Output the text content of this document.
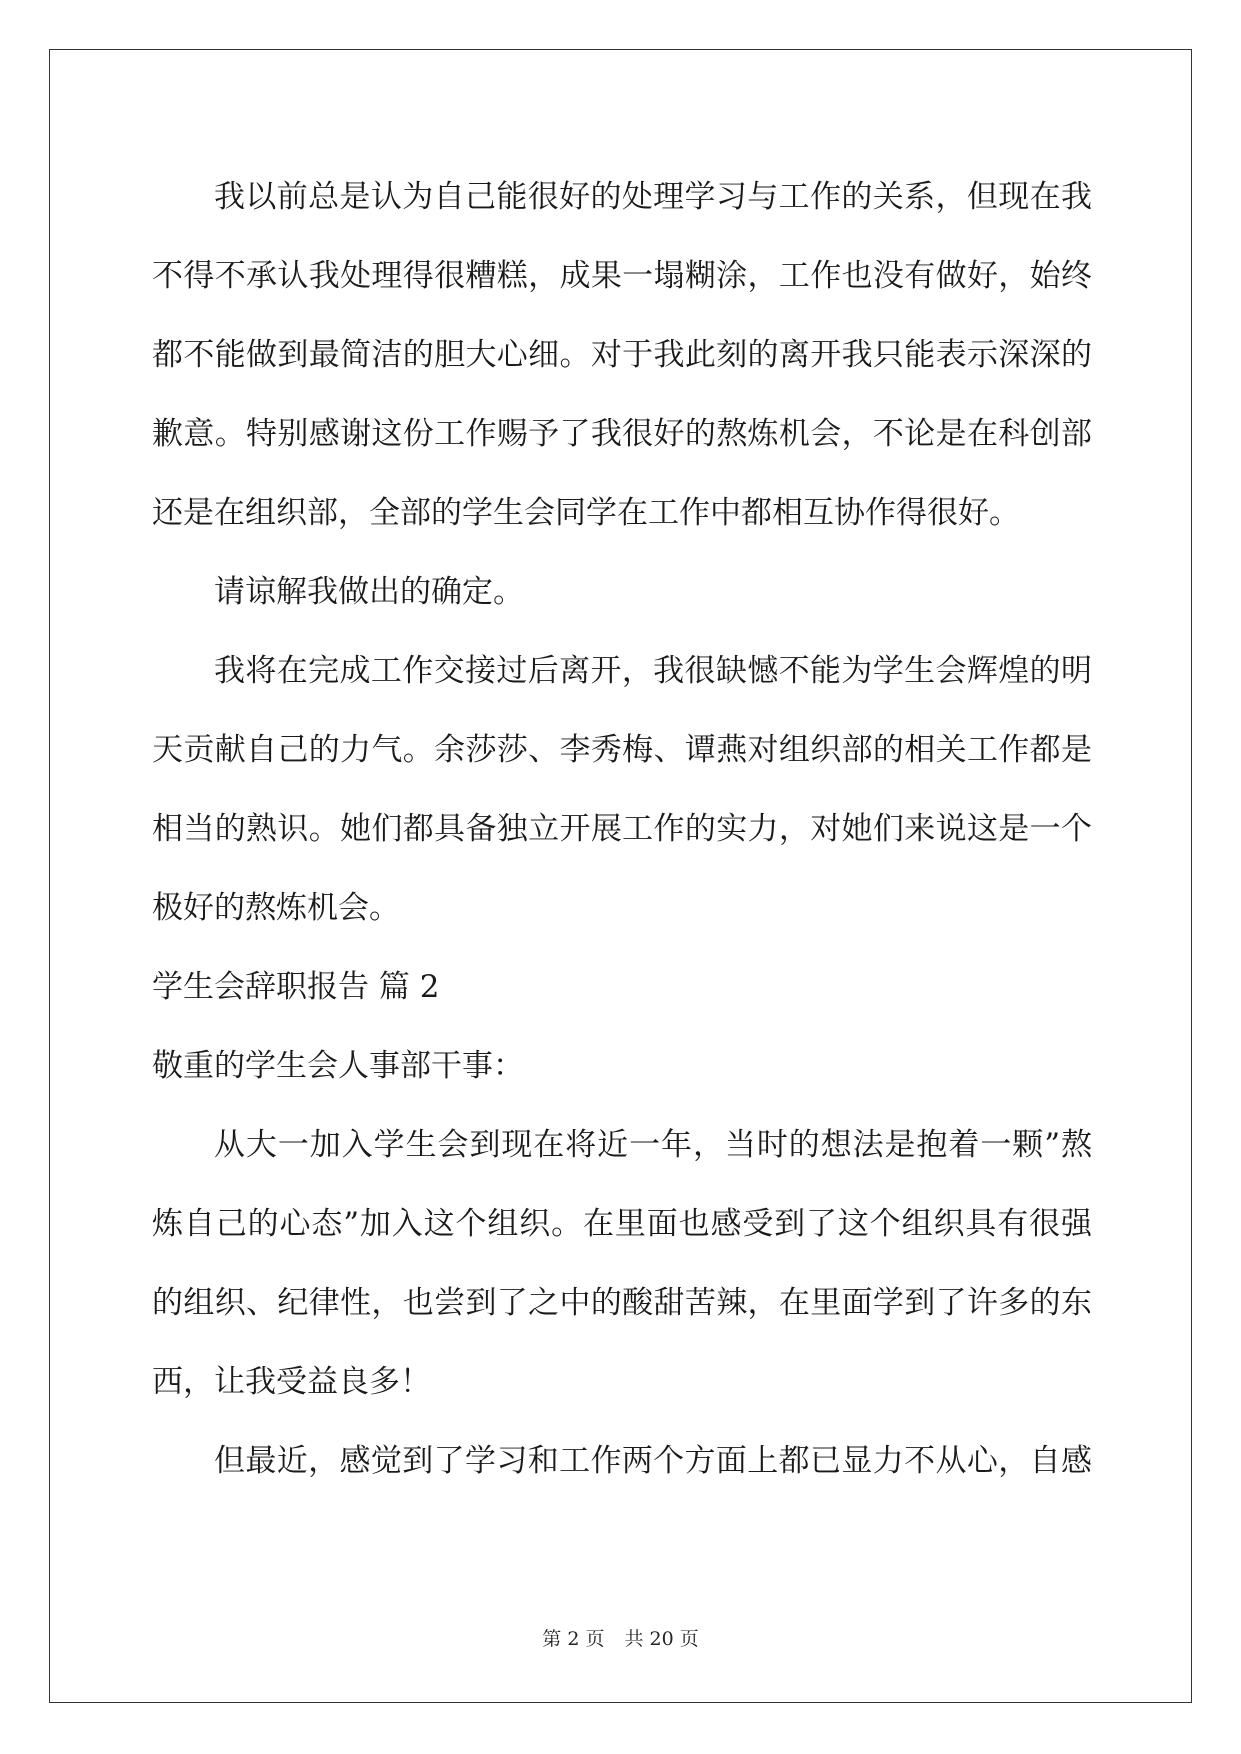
我以前总是认为自己能很好的处理学习与工作的关系，但现在我
不得不承认我处理得很糟糕，成果一塌糊涂，工作也没有做好，始终
都不能做到最简洁的胆大心细。对于我此刻的离开我只能表示深深的
歉意。特别感谢这份工作赐予了我很好的熬炼机会，不论是在科创部
还是在组织部，全部的学生会同学在工作中都相互协作得很好。
请谅解我做出的确定。
我将在完成工作交接过后离开，我很缺憾不能为学生会辉煌的明
天贡献自己的力气。余莎莎、李秀梅、谭燕对组织部的相关工作都是
相当的熟识。她们都具备独立开展工作的实力，对她们来说这是一个
极好的熬炼机会。
学生会辞职报告 篇 2
敬重的学生会人事部干事：
从大一加入学生会到现在将近一年，当时的想法是抱着一颗”熬
炼自己的心态”加入这个组织。在里面也感受到了这个组织具有很强
的组织、纪律性，也尝到了之中的酸甜苦辣，在里面学到了许多的东
西，让我受益良多！
但最近，感觉到了学习和工作两个方面上都已显力不从心，自感
第 2 页 共 20 页
